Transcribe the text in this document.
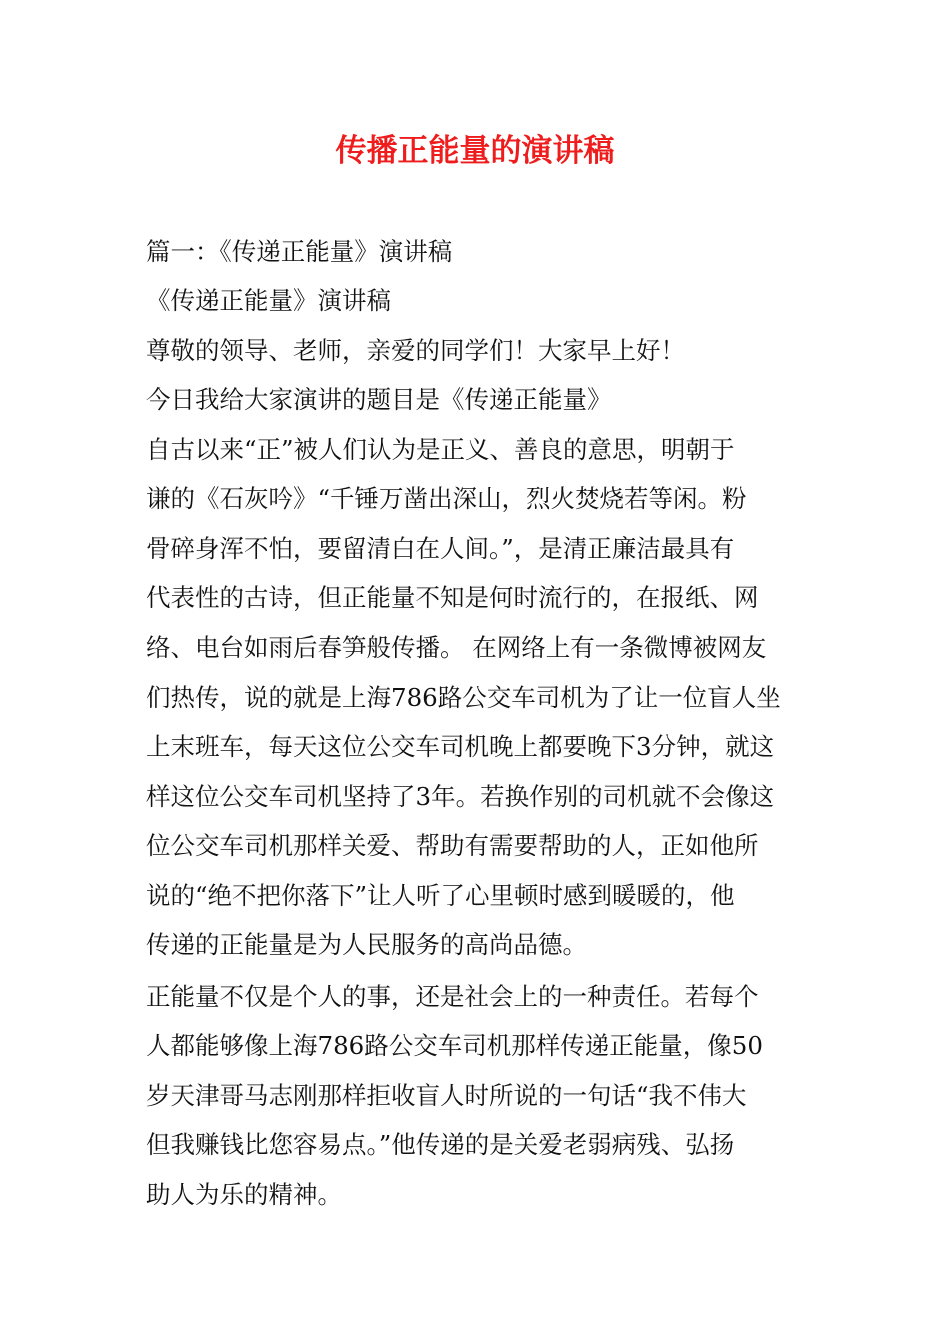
传播正能量的演讲稿
篇一：《传递正能量》演讲稿
《传递正能量》演讲稿
尊敬的领导、老师，亲爱的同学们！大家早上好！
今日我给大家演讲的题目是《传递正能量》
自古以来“正”被人们认为是正义、善良的意思，明朝于
谦的《石灰吟》“千锤万凿出深山，烈火焚烧若等闲。粉
骨碎身浑不怕，要留清白在人间。”，是清正廉洁最具有
代表性的古诗，但正能量不知是何时流行的，在报纸、网
络、电台如雨后春笋般传播。 在网络上有一条微博被网友
们热传，说的就是上海786路公交车司机为了让一位盲人坐
上末班车，每天这位公交车司机晚上都要晚下3分钟，就这
样这位公交车司机坚持了3年。若换作别的司机就不会像这
位公交车司机那样关爱、帮助有需要帮助的人，正如他所
说的“绝不把你落下”让人听了心里顿时感到暖暖的，他
传递的正能量是为人民服务的高尚品德。
正能量不仅是个人的事，还是社会上的一种责任。若每个
人都能够像上海786路公交车司机那样传递正能量，像50
岁天津哥马志刚那样拒收盲人时所说的一句话“我不伟大
但我赚钱比您容易点。”他传递的是关爱老弱病残、弘扬
助人为乐的精神。
